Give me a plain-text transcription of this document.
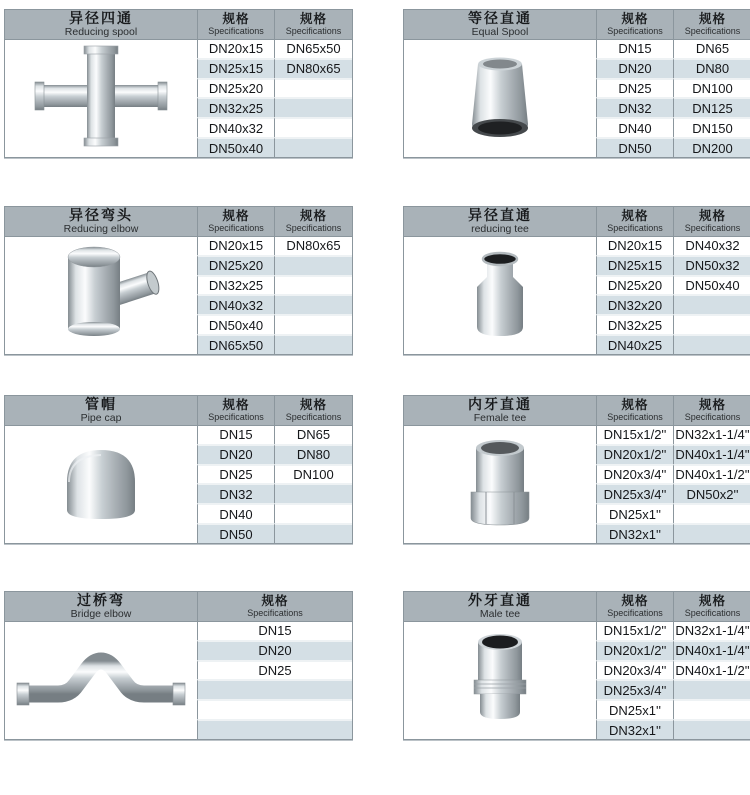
异径四通
Reducing spool

规格
Specifications

规格
Specifications

	DN20x15	DN65x50
	DN25x15	DN80x65
	DN25x20	
	DN32x25	
	DN40x32	
	DN50x40	
等径直通
Equal Spool

规格
Specifications

规格
Specifications

	DN15	DN65
	DN20	DN80
	DN25	DN100
	DN32	DN125
	DN40	DN150
	DN50	DN200
异径弯头
Reducing elbow

规格
Specifications

规格
Specifications

	DN20x15	DN80x65
	DN25x20	
	DN32x25	
	DN40x32	
	DN50x40	
	DN65x50	
异径直通
reducing tee

规格
Specifications

规格
Specifications

	DN20x15	DN40x32
	DN25x15	DN50x32
	DN25x20	DN50x40
	DN32x20	
	DN32x25	
	DN40x25	
管帽
Pipe cap

规格
Specifications

规格
Specifications

	DN15	DN65
	DN20	DN80
	DN25	DN100
	DN32	
	DN40	
	DN50	
内牙直通
Female tee

规格
Specifications

规格
Specifications

	DN15x1/2''	DN32x1-1/4''
	DN20x1/2''	DN40x1-1/4''
	DN20x3/4''	DN40x1-1/2''
	DN25x3/4''	DN50x2''
	DN25x1''	
	DN32x1''	
过桥弯
Bridge elbow

规格
Specifications

	DN15
	DN20
	DN25

外牙直通
Male tee

规格
Specifications

规格
Specifications

	DN15x1/2''	DN32x1-1/4''
	DN20x1/2''	DN40x1-1/4''
	DN20x3/4''	DN40x1-1/2''
	DN25x3/4''	
	DN25x1''	
	DN32x1''	
